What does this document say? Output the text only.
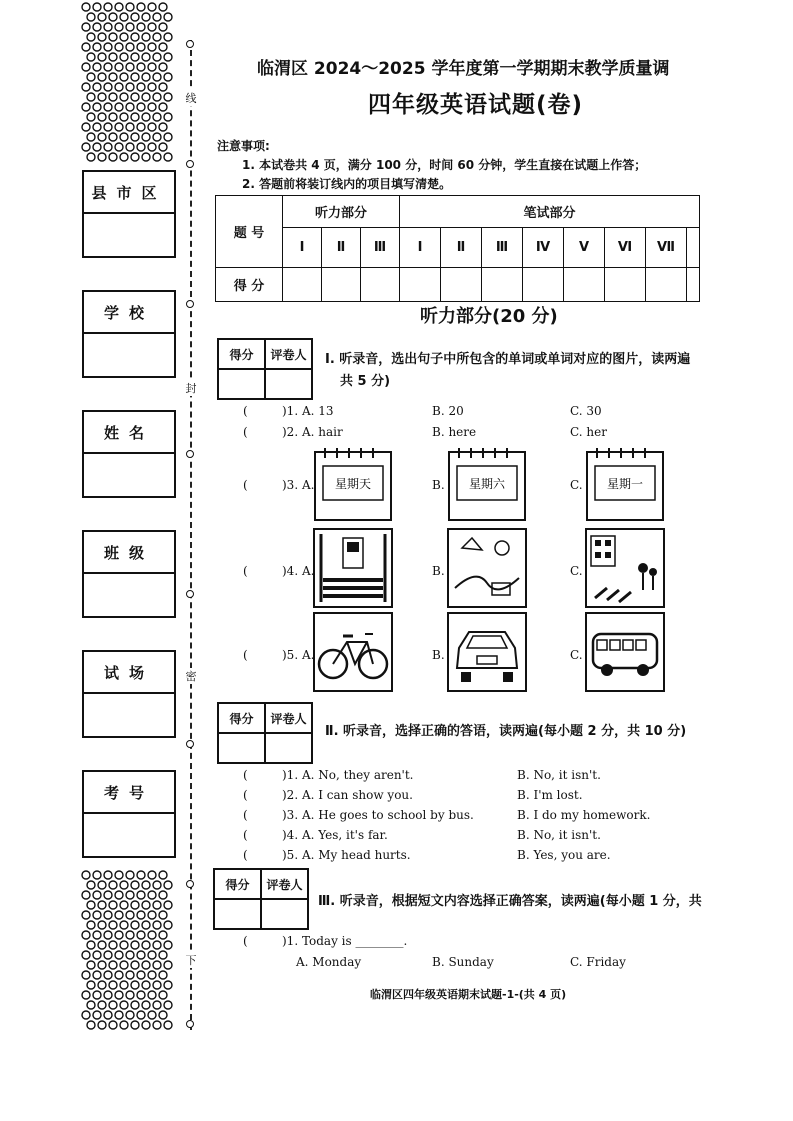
县市区
学校
姓名
班级
试场
考号
线
封
密
下
临渭区 2024～2025 学年度第一学期期末教学质量调
四年级英语试题(卷)
注意事项:
1. 本试卷共 4 页，满分 100 分，时间 60 分钟，学生直接在试题上作答；
2. 答题前将装订线内的项目填写清楚。
题 号	听力部分			笔试部分							
	Ⅰ	Ⅱ	Ⅲ	Ⅰ	Ⅱ	Ⅲ	Ⅳ	Ⅴ	Ⅵ	Ⅶ	
得 分											
听力部分(20 分)
得分	评卷人	Ⅰ. 听录音，选出句子中所包含的单词或单词对应的图片，读两遍
共 5 分)
(	)1. A. 13	B. 20	C. 30
(	)2. A. hair	B. here	C. her
(	)3. A.	B.	C.
星期天	星期六	星期一
(	)4. A.	B.	C.
(	)5. A.	B.	C.
得分	评卷人
Ⅱ. 听录音，选择正确的答语，读两遍(每小题 2 分，共 10 分)
(	)1. A. No, they aren't.	B. No, it isn't.
(	)2. A. I can show you.	B. I'm lost.
(	)3. A. He goes to school by bus.	B. I do my homework.
(	)4. A. Yes, it's far.	B. No, it isn't.
(	)5. A. My head hurts.	B. Yes, you are.
得分	评卷人
Ⅲ. 听录音，根据短文内容选择正确答案，读两遍(每小题 1 分，共
(	)1. Today is ________.
A. Monday	B. Sunday	C. Friday
临渭区四年级英语期末试题-1-(共 4 页)
